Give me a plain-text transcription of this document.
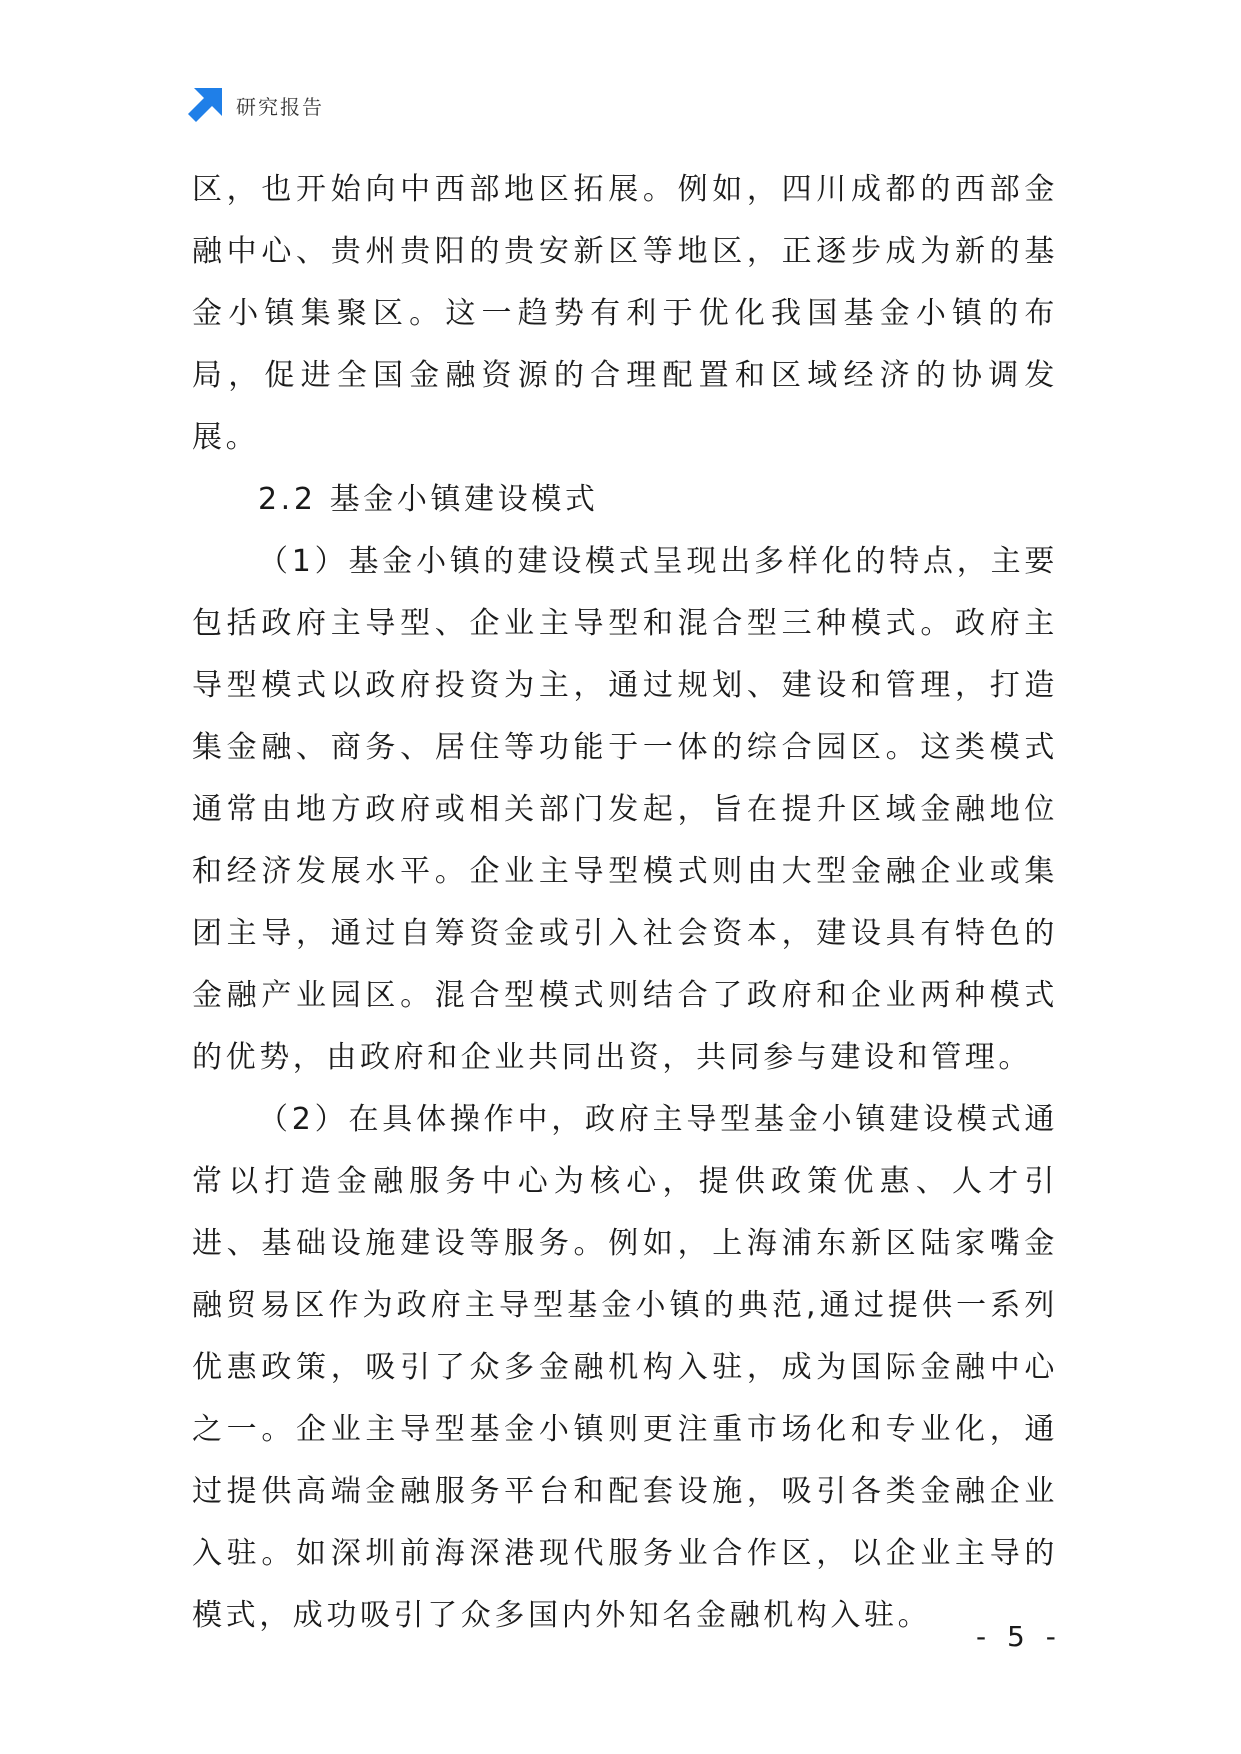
研究报告

区，也开始向中西部地区拓展。例如，四川成都的西部金融中心、贵州贵阳的贵安新区等地区，正逐步成为新的基金小镇集聚区。这一趋势有利于优化我国基金小镇的布局，促进全国金融资源的合理配置和区域经济的协调发展。

2.2 基金小镇建设模式

（1）基金小镇的建设模式呈现出多样化的特点，主要包括政府主导型、企业主导型和混合型三种模式。政府主导型模式以政府投资为主，通过规划、建设和管理，打造集金融、商务、居住等功能于一体的综合园区。这类模式通常由地方政府或相关部门发起，旨在提升区域金融地位和经济发展水平。企业主导型模式则由大型金融企业或集团主导，通过自筹资金或引入社会资本，建设具有特色的金融产业园区。混合型模式则结合了政府和企业两种模式的优势，由政府和企业共同出资，共同参与建设和管理。

（2）在具体操作中，政府主导型基金小镇建设模式通常以打造金融服务中心为核心，提供政策优惠、人才引进、基础设施建设等服务。例如，上海浦东新区陆家嘴金融贸易区作为政府主导型基金小镇的典范,通过提供一系列优惠政策，吸引了众多金融机构入驻，成为国际金融中心之一。企业主导型基金小镇则更注重市场化和专业化，通过提供高端金融服务平台和配套设施，吸引各类金融企业入驻。如深圳前海深港现代服务业合作区，以企业主导的模式，成功吸引了众多国内外知名金融机构入驻。

- 5 -
